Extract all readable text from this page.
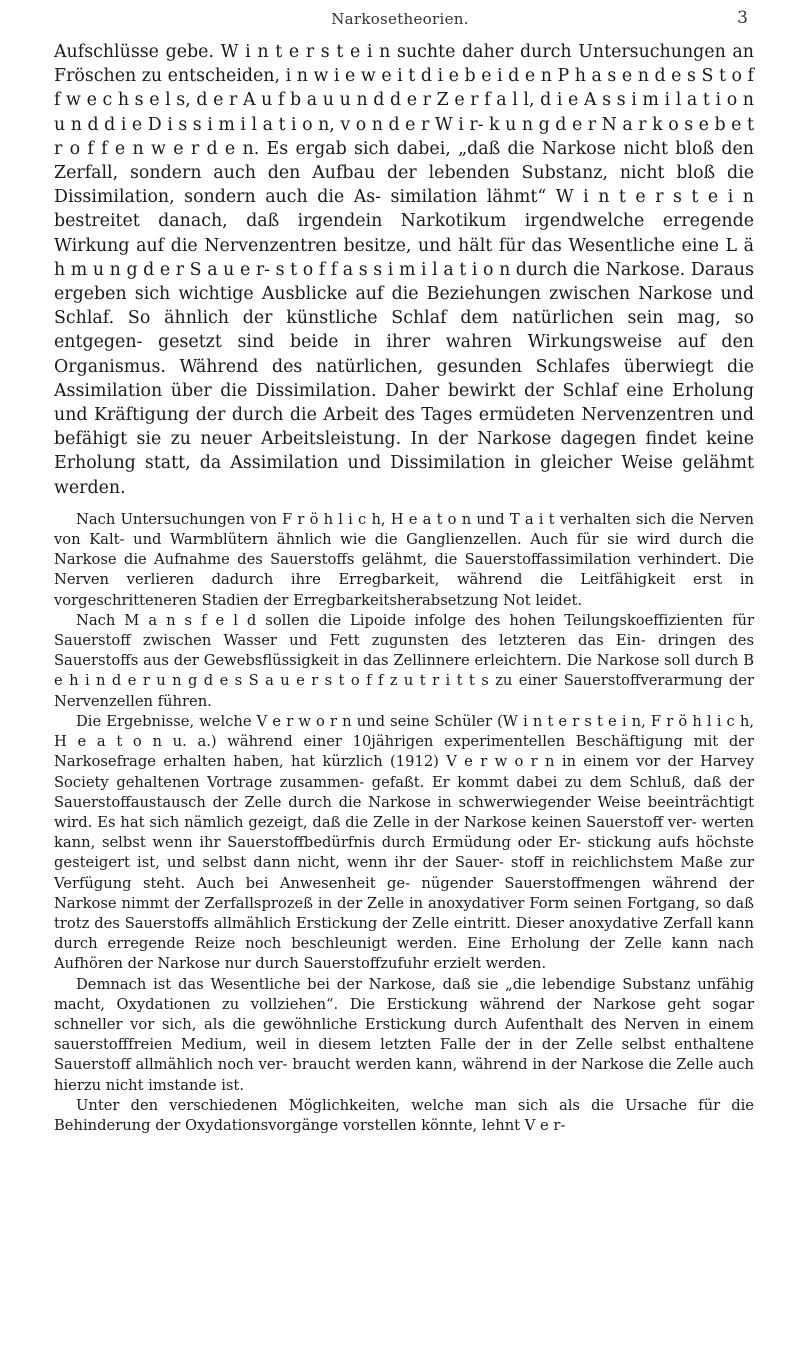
Narkosetheorien.	3

Aufschlüsse gebe. W i n t e r s t e i n suchte daher durch Untersuchungen an Fröschen zu entscheiden, i n w i e w e i t d i e b e i d e n P h a s e n d e s S t o f f w e c h s e l s, d e r A u f b a u u n d d e r Z e r f a l l, d i e A s s i m i l a t i o n u n d d i e D i s s i m i l a t i o n, v o n d e r W i r- k u n g d e r N a r k o s e b e t r o f f e n w e r d e n. Es ergab sich dabei, „daß die Narkose nicht bloß den Zerfall, sondern auch den Aufbau der lebenden Substanz, nicht bloß die Dissimilation, sondern auch die As- similation lähmt“ W i n t e r s t e i n bestreitet danach, daß irgendein Narkotikum irgendwelche erregende Wirkung auf die Nervenzentren besitze, und hält für das Wesentliche eine L ä h m u n g d e r S a u e r- s t o f f a s s i m i l a t i o n durch die Narkose. Daraus ergeben sich wichtige Ausblicke auf die Beziehungen zwischen Narkose und Schlaf. So ähnlich der künstliche Schlaf dem natürlichen sein mag, so entgegen- gesetzt sind beide in ihrer wahren Wirkungsweise auf den Organismus. Während des natürlichen, gesunden Schlafes überwiegt die Assimilation über die Dissimilation. Daher bewirkt der Schlaf eine Erholung und Kräftigung der durch die Arbeit des Tages ermüdeten Nervenzentren und befähigt sie zu neuer Arbeitsleistung. In der Narkose dagegen findet keine Erholung statt, da Assimilation und Dissimilation in gleicher Weise gelähmt werden.

Nach Untersuchungen von F r ö h l i c h, H e a t o n und T a i t verhalten sich die Nerven von Kalt- und Warmblütern ähnlich wie die Ganglienzellen. Auch für sie wird durch die Narkose die Aufnahme des Sauerstoffs gelähmt, die Sauerstoffassimilation verhindert. Die Nerven verlieren dadurch ihre Erregbarkeit, während die Leitfähigkeit erst in vorgeschritteneren Stadien der Erregbarkeitsherabsetzung Not leidet.

Nach M a n s f e l d sollen die Lipoide infolge des hohen Teilungskoeffizienten für Sauerstoff zwischen Wasser und Fett zugunsten des letzteren das Ein- dringen des Sauerstoffs aus der Gewebsflüssigkeit in das Zellinnere erleichtern. Die Narkose soll durch B e h i n d e r u n g d e s S a u e r s t o f f z u t r i t t s zu einer Sauerstoffverarmung der Nervenzellen führen.

Die Ergebnisse, welche V e r w o r n und seine Schüler (W i n t e r s t e i n, F r ö h l i c h, H e a t o n u. a.) während einer 10jährigen experimentellen Beschäftigung mit der Narkosefrage erhalten haben, hat kürzlich (1912) V e r w o r n in einem vor der Harvey Society gehaltenen Vortrage zusammen- gefaßt. Er kommt dabei zu dem Schluß, daß der Sauerstoffaustausch der Zelle durch die Narkose in schwerwiegender Weise beeinträchtigt wird. Es hat sich nämlich gezeigt, daß die Zelle in der Narkose keinen Sauerstoff ver- werten kann, selbst wenn ihr Sauerstoffbedürfnis durch Ermüdung oder Er- stickung aufs höchste gesteigert ist, und selbst dann nicht, wenn ihr der Sauer- stoff in reichlichstem Maße zur Verfügung steht. Auch bei Anwesenheit ge- nügender Sauerstoffmengen während der Narkose nimmt der Zerfallsprozeß in der Zelle in anoxydativer Form seinen Fortgang, so daß trotz des Sauerstoffs allmählich Erstickung der Zelle eintritt. Dieser anoxydative Zerfall kann durch erregende Reize noch beschleunigt werden. Eine Erholung der Zelle kann nach Aufhören der Narkose nur durch Sauerstoffzufuhr erzielt werden.

Demnach ist das Wesentliche bei der Narkose, daß sie „die lebendige Substanz unfähig macht, Oxydationen zu vollziehen“. Die Erstickung während der Narkose geht sogar schneller vor sich, als die gewöhnliche Erstickung durch Aufenthalt des Nerven in einem sauerstofffreien Medium, weil in diesem letzten Falle der in der Zelle selbst enthaltene Sauerstoff allmählich noch ver- braucht werden kann, während in der Narkose die Zelle auch hierzu nicht imstande ist.

Unter den verschiedenen Möglichkeiten, welche man sich als die Ursache für die Behinderung der Oxydationsvorgänge vorstellen könnte, lehnt V e r-
